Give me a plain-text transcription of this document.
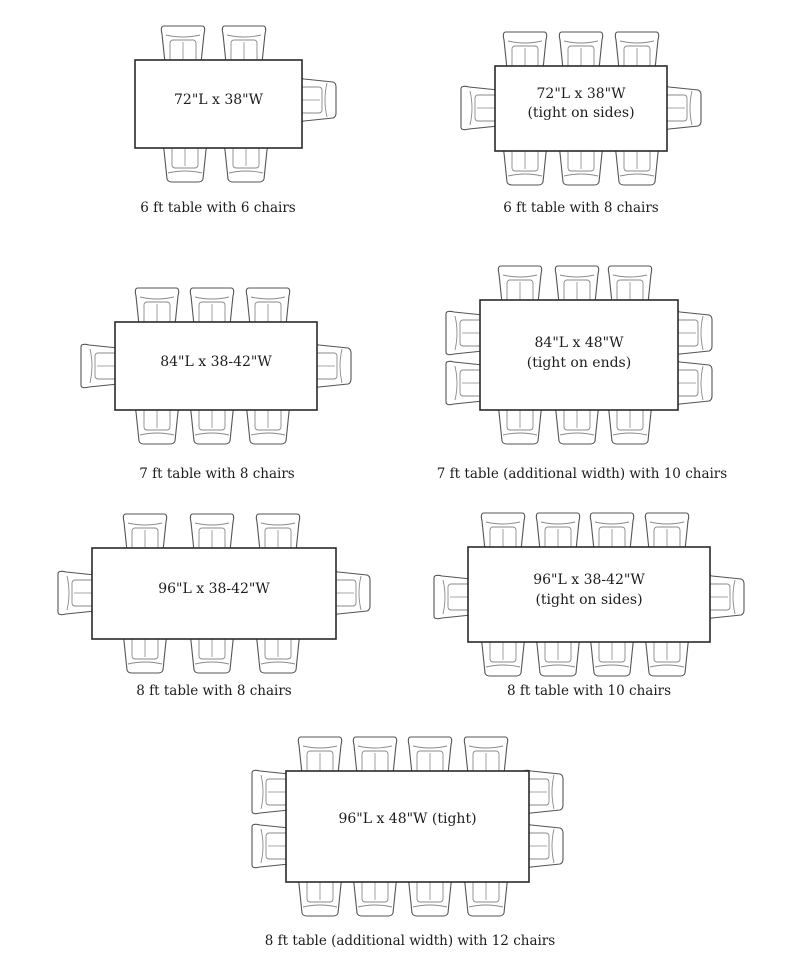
72"L x 38"W
6 ft table with 6 chairs
72"L x 38"W
(tight on sides)
6 ft table with 8 chairs
84"L x 38-42"W
7 ft table with 8 chairs
84"L x 48"W
(tight on ends)
7 ft table (additional width) with 10 chairs
96"L x 38-42"W
8 ft table with 8 chairs
96"L x 38-42"W
(tight on sides)
8 ft table with 10 chairs
96"L x 48"W (tight)
8 ft table (additional width) with 12 chairs
